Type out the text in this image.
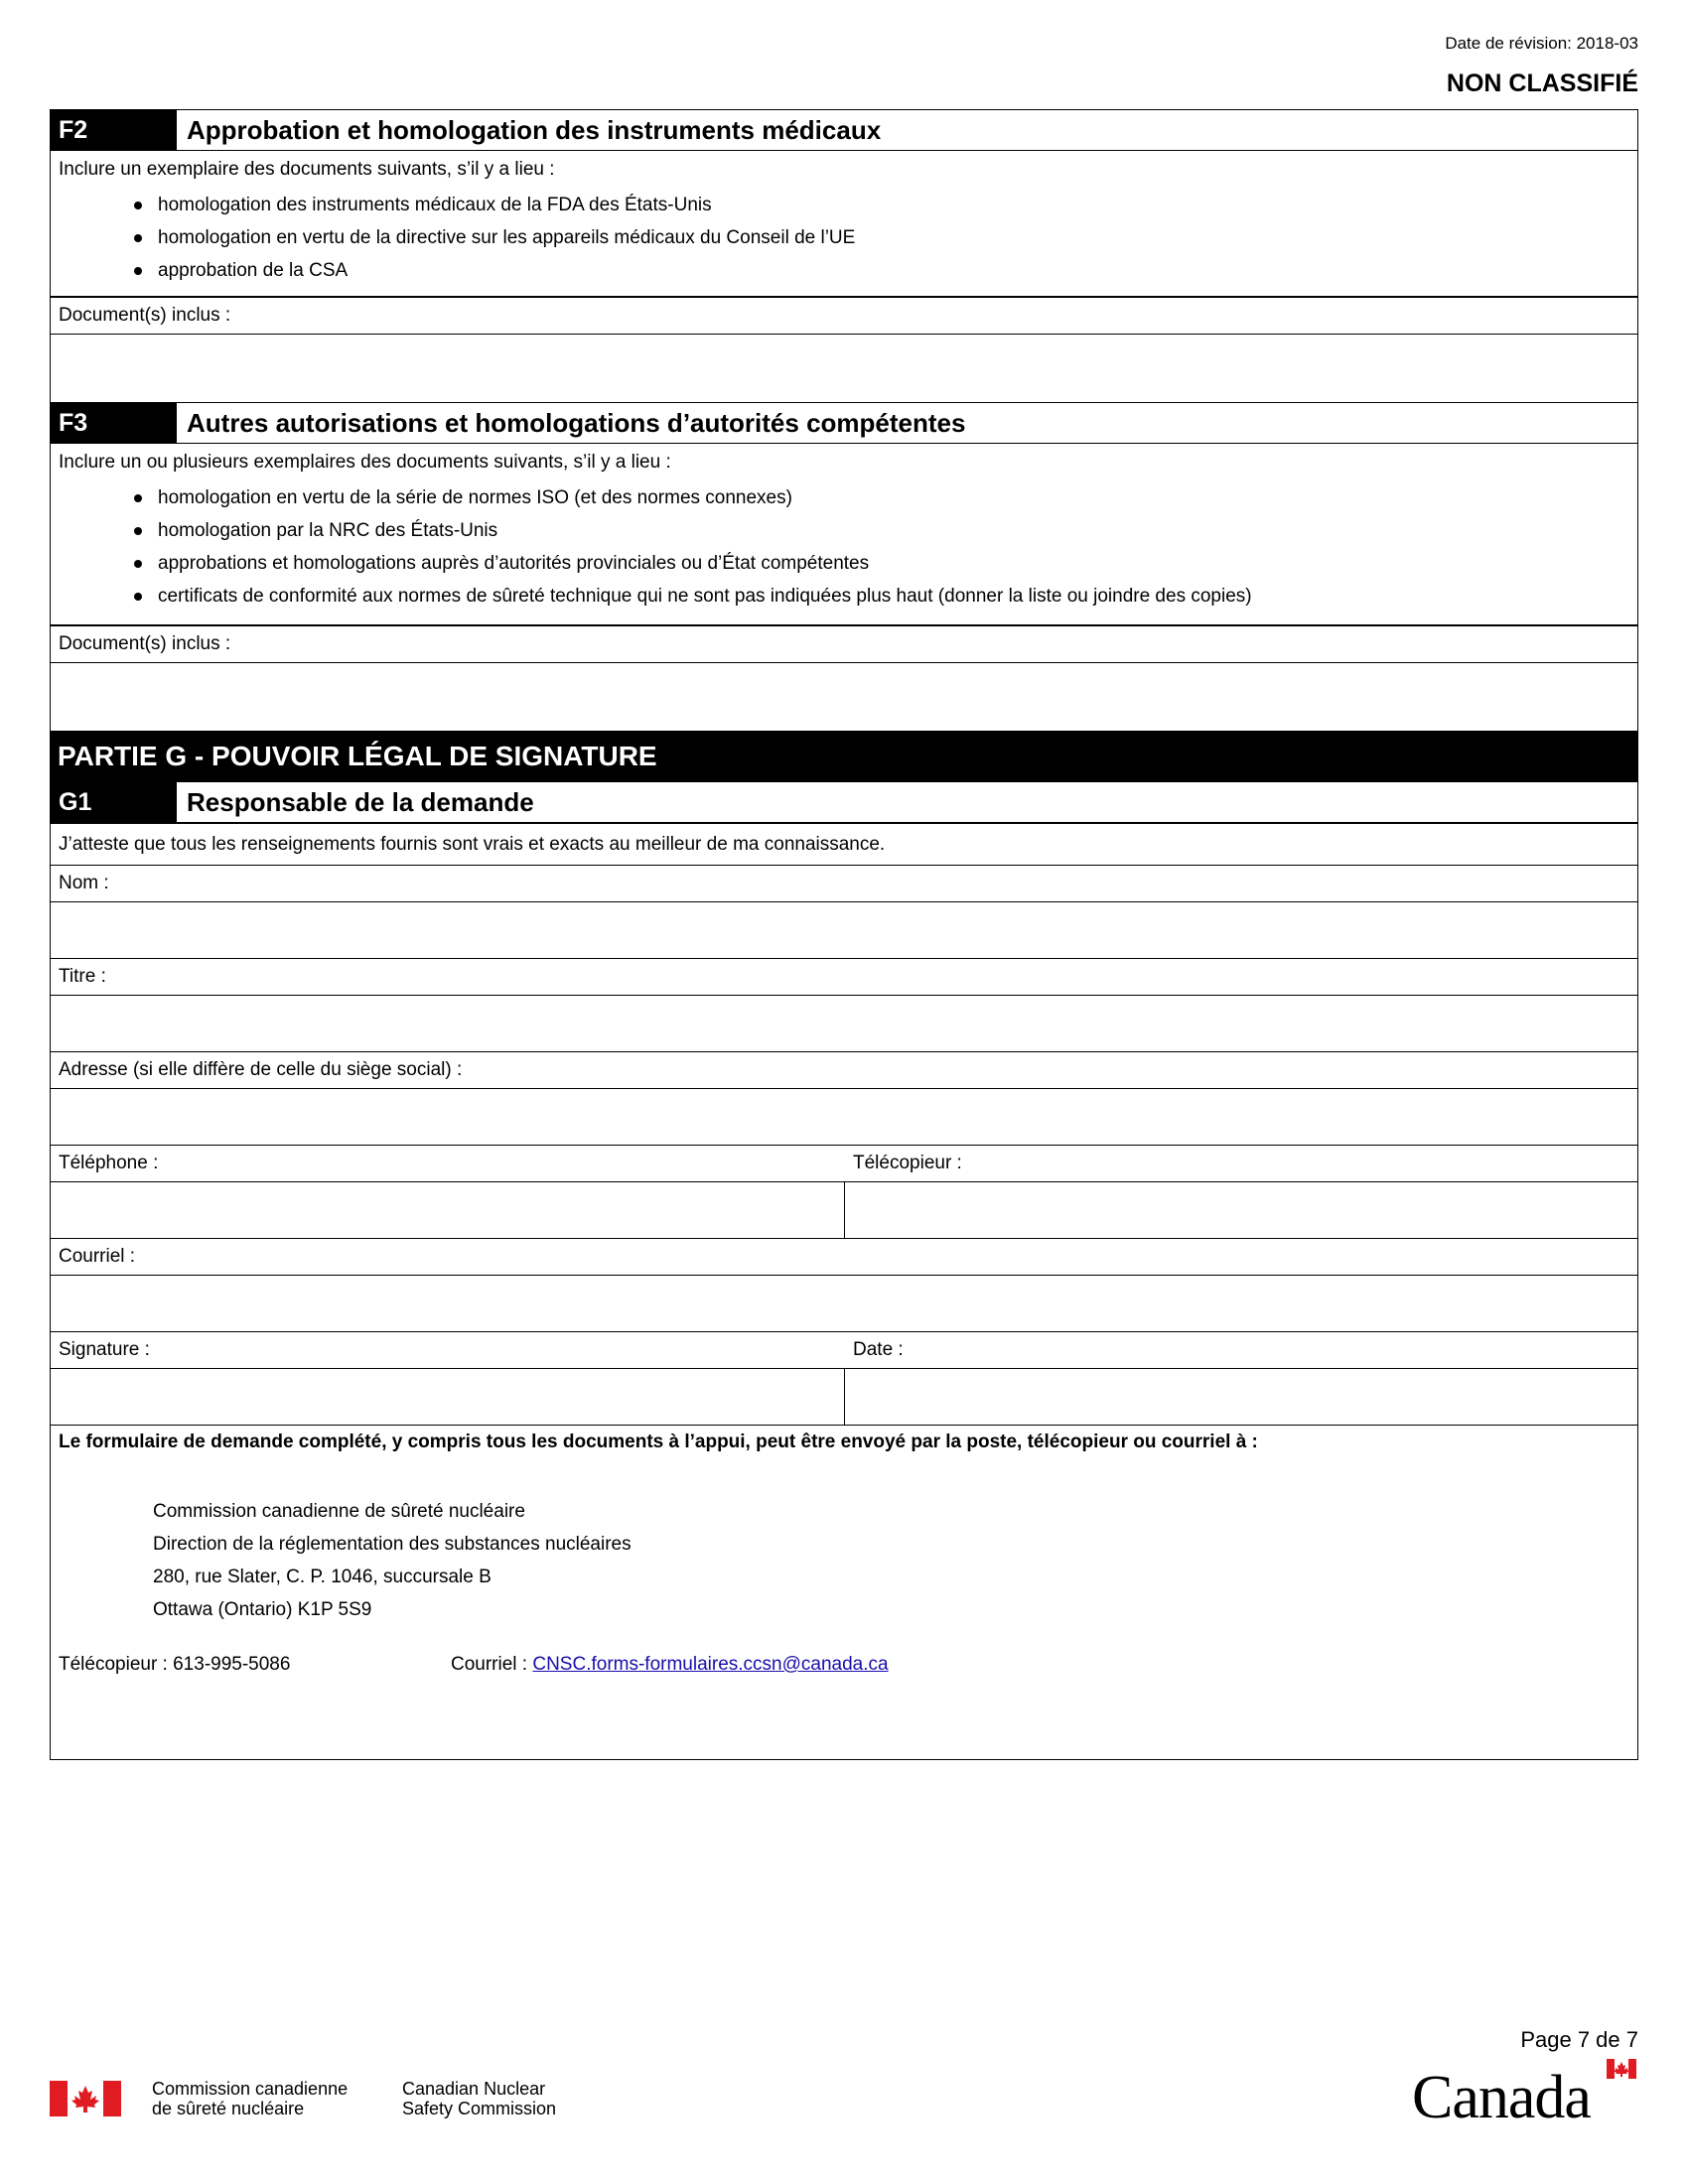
Date de révision: 2018-03
NON CLASSIFIÉ
F2	Approbation et homologation des instruments médicaux
Inclure un exemplaire des documents suivants, s’il y a lieu :
homologation des instruments médicaux de la FDA des États-Unis
homologation en vertu de la directive sur les appareils médicaux du Conseil de l’UE
approbation de la CSA
Document(s) inclus :
F3	Autres autorisations et homologations d’autorités compétentes
Inclure un ou plusieurs exemplaires des documents suivants, s’il y a lieu :
homologation en vertu de la série de normes ISO (et des normes connexes)
homologation par la NRC des États-Unis
approbations et homologations auprès d’autorités provinciales ou d’État compétentes
certificats de conformité aux normes de sûreté technique qui ne sont pas indiquées plus haut (donner la liste ou joindre des copies)
Document(s) inclus :
PARTIE G - POUVOIR LÉGAL DE SIGNATURE
G1	Responsable de la demande
J’atteste que tous les renseignements fournis sont vrais et exacts au meilleur de ma connaissance.
Nom :
Titre :
Adresse (si elle diffère de celle du siège social) :
Téléphone :	Télécopieur :
Courriel :
Signature :	Date :
Le formulaire de demande complété, y compris tous les documents à l’appui, peut être envoyé par la poste, télécopieur ou courriel à :
Commission canadienne de sûreté nucléaire
Direction de la réglementation des substances nucléaires
280, rue Slater, C. P. 1046, succursale B
Ottawa (Ontario) K1P 5S9
Télécopieur : 613-995-5086	Courriel : CNSC.forms-formulaires.ccsn@canada.ca
Page 7 de 7
Commission canadienne
de sûreté nucléaire
Canadian Nuclear
Safety Commission	Canada
